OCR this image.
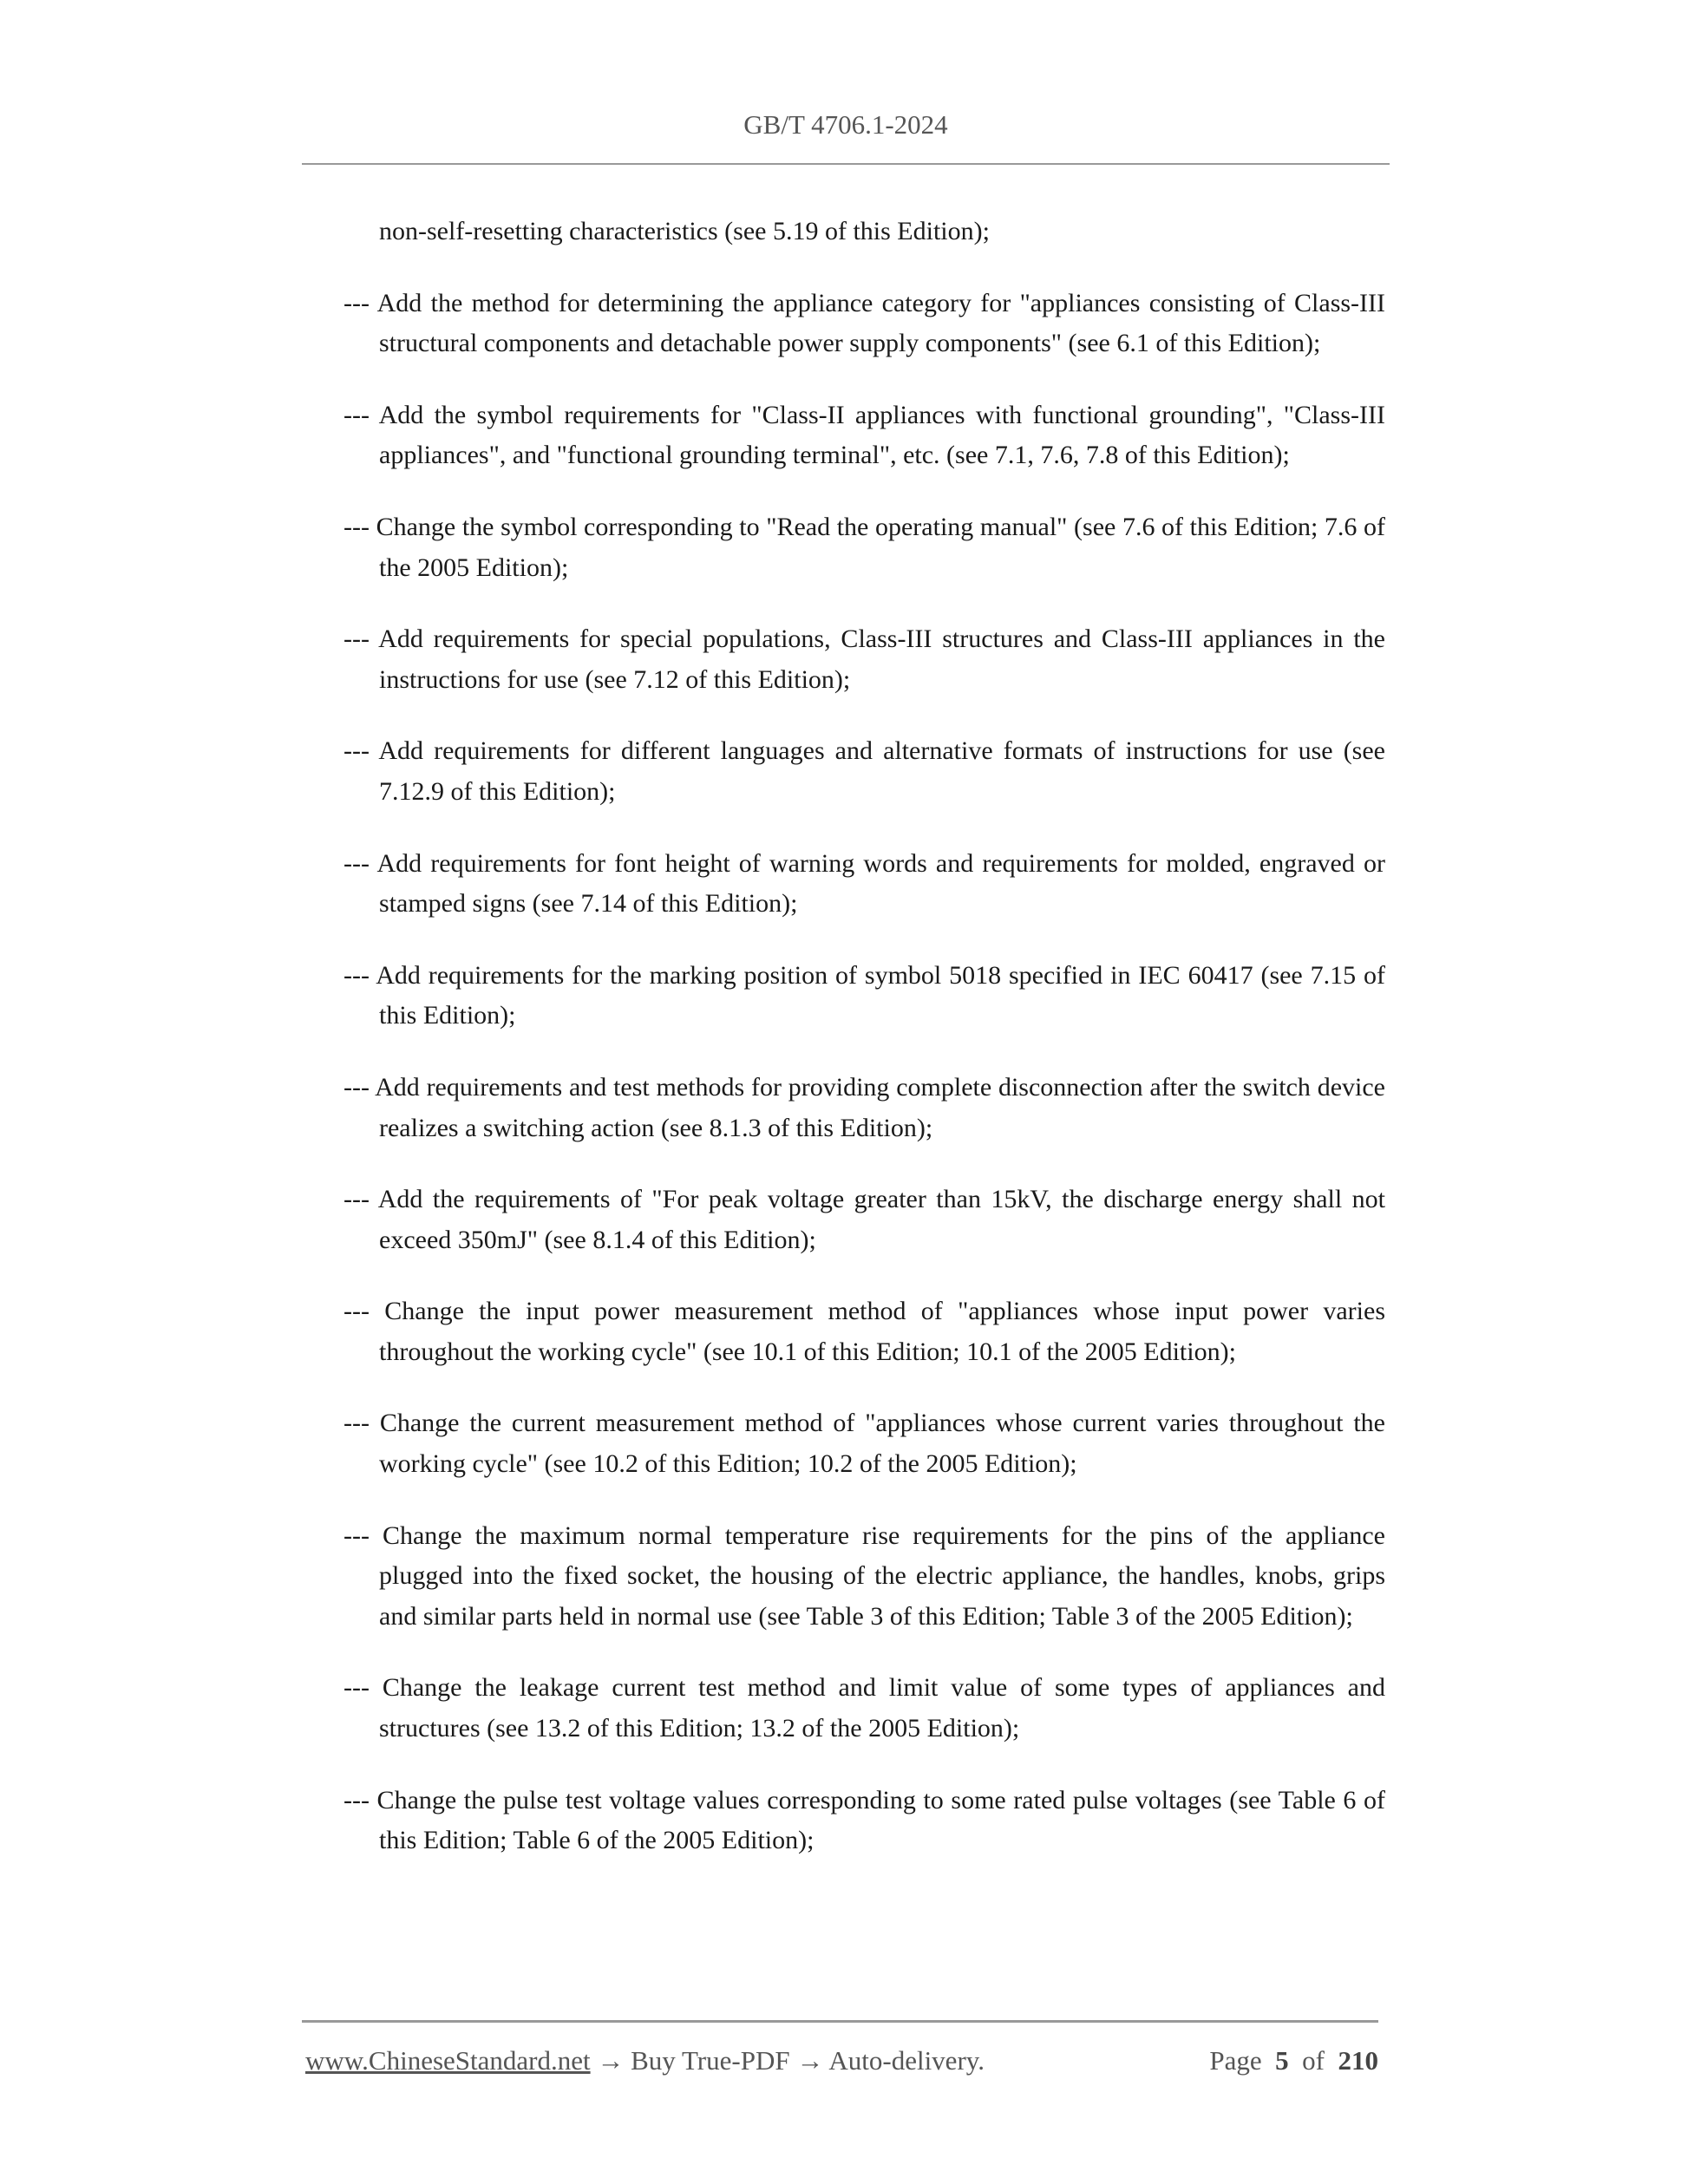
GB/T 4706.1-2024

non-self-resetting characteristics (see 5.19 of this Edition);

--- Add the method for determining the appliance category for "appliances consisting of Class-III structural components and detachable power supply components" (see 6.1 of this Edition);

--- Add the symbol requirements for "Class-II appliances with functional grounding", "Class-III appliances", and "functional grounding terminal", etc. (see 7.1, 7.6, 7.8 of this Edition);

--- Change the symbol corresponding to "Read the operating manual" (see 7.6 of this Edition; 7.6 of the 2005 Edition);

--- Add requirements for special populations, Class-III structures and Class-III appliances in the instructions for use (see 7.12 of this Edition);

--- Add requirements for different languages and alternative formats of instructions for use (see 7.12.9 of this Edition);

--- Add requirements for font height of warning words and requirements for molded, engraved or stamped signs (see 7.14 of this Edition);

--- Add requirements for the marking position of symbol 5018 specified in IEC 60417 (see 7.15 of this Edition);

--- Add requirements and test methods for providing complete disconnection after the switch device realizes a switching action (see 8.1.3 of this Edition);

--- Add the requirements of "For peak voltage greater than 15kV, the discharge energy shall not exceed 350mJ" (see 8.1.4 of this Edition);

--- Change the input power measurement method of "appliances whose input power varies throughout the working cycle" (see 10.1 of this Edition; 10.1 of the 2005 Edition);

--- Change the current measurement method of "appliances whose current varies throughout the working cycle" (see 10.2 of this Edition; 10.2 of the 2005 Edition);

--- Change the maximum normal temperature rise requirements for the pins of the appliance plugged into the fixed socket, the housing of the electric appliance, the handles, knobs, grips and similar parts held in normal use (see Table 3 of this Edition; Table 3 of the 2005 Edition);

--- Change the leakage current test method and limit value of some types of appliances and structures (see 13.2 of this Edition; 13.2 of the 2005 Edition);

--- Change the pulse test voltage values corresponding to some rated pulse voltages (see Table 6 of this Edition; Table 6 of the 2005 Edition);

www.ChineseStandard.net → Buy True-PDF → Auto-delivery.	Page 5 of 210
